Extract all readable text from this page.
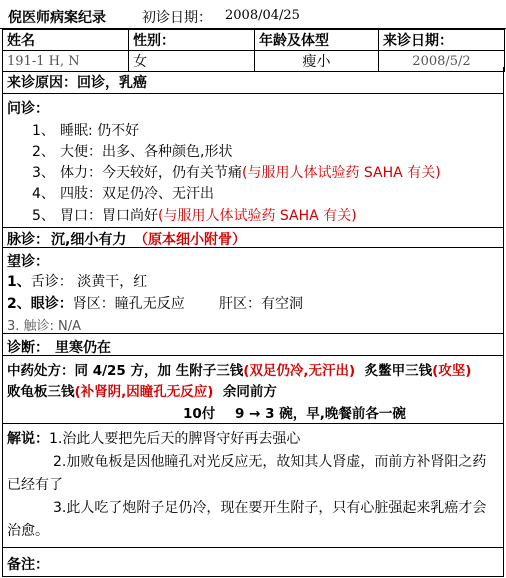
倪医师病案纪录	初诊日期： 2008/04/25
姓名	性别：	年龄及体型	来诊日期：
191-1 H, N	女	瘦小	2008/5/2
来诊原因： 回诊，乳癌
问诊：
1、 睡眠: 仍不好
2、 大便：出多、各种颜色,形状
3、 体力：今天较好，仍有关节痛(与服用人体试验药 SAHA 有关)
4、 四肢：双足仍冷、无汗出
5、 胃口：胃口尚好(与服用人体试验药 SAHA 有关)
脉诊： 沉,细小有力 （原本细小附骨）
望诊：
1、舌诊： 淡黄干，红
2、眼诊：肾区：瞳孔无反应 肝区：有空洞
3. 触诊: N/A
诊断： 里寒仍在
中药处方：同 4/25 方，加 生附子三钱(双足仍冷,无汗出) 炙鳖甲三钱(攻坚)
败龟板三钱(补肾阴,因瞳孔无反应) 余同前方
10付 9 → 3 碗，早,晚餐前各一碗
解说：1.治此人要把先后天的脾肾守好再去强心
2.加败龟板是因他瞳孔对光反应无，故知其人肾虚，而前方补肾阳之药
已经有了
3.此人吃了炮附子足仍冷，现在要开生附子，只有心脏强起来乳癌才会
治愈。
备注：
